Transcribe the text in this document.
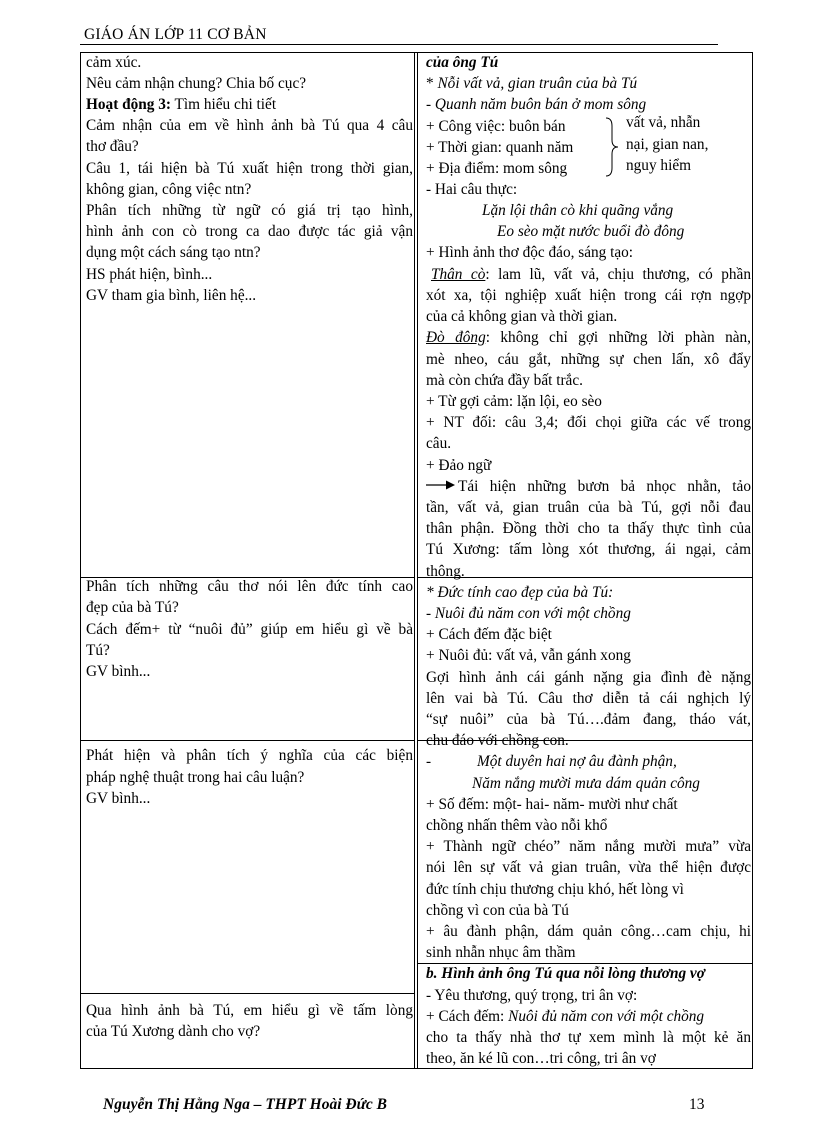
GIÁO ÁN LỚP 11 CƠ BẢN
cảm xúc.
Nêu cảm nhận chung? Chia bố cục?
Hoạt động 3: Tìm hiểu chi tiết
Cảm nhận của em về hình ảnh bà Tú qua 4 câu
thơ đầu?
Câu 1, tái hiện bà Tú xuất hiện trong thời gian,
không gian, công việc ntn?
Phân tích những từ ngữ có giá trị tạo hình,
hình ảnh con cò trong ca dao được tác giả vận
dụng một cách sáng tạo ntn?
HS phát hiện, bình...
GV tham gia bình, liên hệ...
Phân tích những câu thơ nói lên đức tính cao
đẹp của bà Tú?
Cách đếm+ từ “nuôi đủ” giúp em hiểu gì về bà
Tú?
GV bình...
Phát hiện và phân tích ý nghĩa của các biện
pháp nghệ thuật trong hai câu luận?
GV bình...
Qua hình ảnh bà Tú, em hiểu gì về tấm lòng
của Tú Xương dành cho vợ?
của ông Tú
* Nỗi vất vả, gian truân của bà Tú
- Quanh năm buôn bán ở mom sông
+ Công việc: buôn bán
+ Thời gian: quanh năm
+ Địa điểm: mom sông
vất vả, nhẫn
nại, gian nan,
nguy hiểm
- Hai câu thực:
Lặn lội thân cò khi quãng vắng
Eo sèo mặt nước buổi đò đông
+ Hình ảnh thơ độc đáo, sáng tạo:
Thân cò: lam lũ, vất vả, chịu thương, có phần
xót xa, tội nghiệp xuất hiện trong cái rợn ngợp
của cả không gian và thời gian.
Đò đông: không chỉ gợi những lời phàn nàn,
mè nheo, cáu gắt, những sự chen lấn, xô đẩy
mà còn chứa đầy bất trắc.
+ Từ gợi cảm: lặn lội, eo sèo
+ NT đối: câu 3,4; đối chọi giữa các vế trong
câu.
+ Đảo ngữ
Tái hiện những bươn bả nhọc nhằn, tảo
tần, vất vả, gian truân của bà Tú, gợi nỗi đau
thân phận. Đồng thời cho ta thấy thực tình của
Tú Xương: tấm lòng xót thương, ái ngại, cảm
thông.
* Đức tính cao đẹp của bà Tú:
- Nuôi đủ năm con với một chồng
+ Cách đếm đặc biệt
+ Nuôi đủ: vất vả, vẫn gánh xong
Gợi hình ảnh cái gánh nặng gia đình đè nặng
lên vai bà Tú. Câu thơ diễn tả cái nghịch lý
“sự nuôi” của bà Tú….đảm đang, tháo vát,
chu đáo với chồng con.
-	Một duyên hai nợ âu đành phận,
Năm nắng mười mưa dám quản công
+ Số đếm: một- hai- năm- mười như chất
chồng nhấn thêm vào nỗi khổ
+ Thành ngữ chéo” năm nắng mười mưa” vừa
nói lên sự vất vả gian truân, vừa thể hiện được
đức tính chịu thương chịu khó, hết lòng vì
chồng vì con của bà Tú
+ âu đành phận, dám quản công…cam chịu, hi
sinh nhẫn nhục âm thầm
b. Hình ảnh ông Tú qua nỗi lòng thương vợ
- Yêu thương, quý trọng, tri ân vợ:
+ Cách đếm: Nuôi đủ năm con với một chồng
cho ta thấy nhà thơ tự xem mình là một kẻ ăn
theo, ăn ké lũ con…tri công, tri ân vợ
Nguyễn Thị Hằng Nga – THPT Hoài Đức B	13
